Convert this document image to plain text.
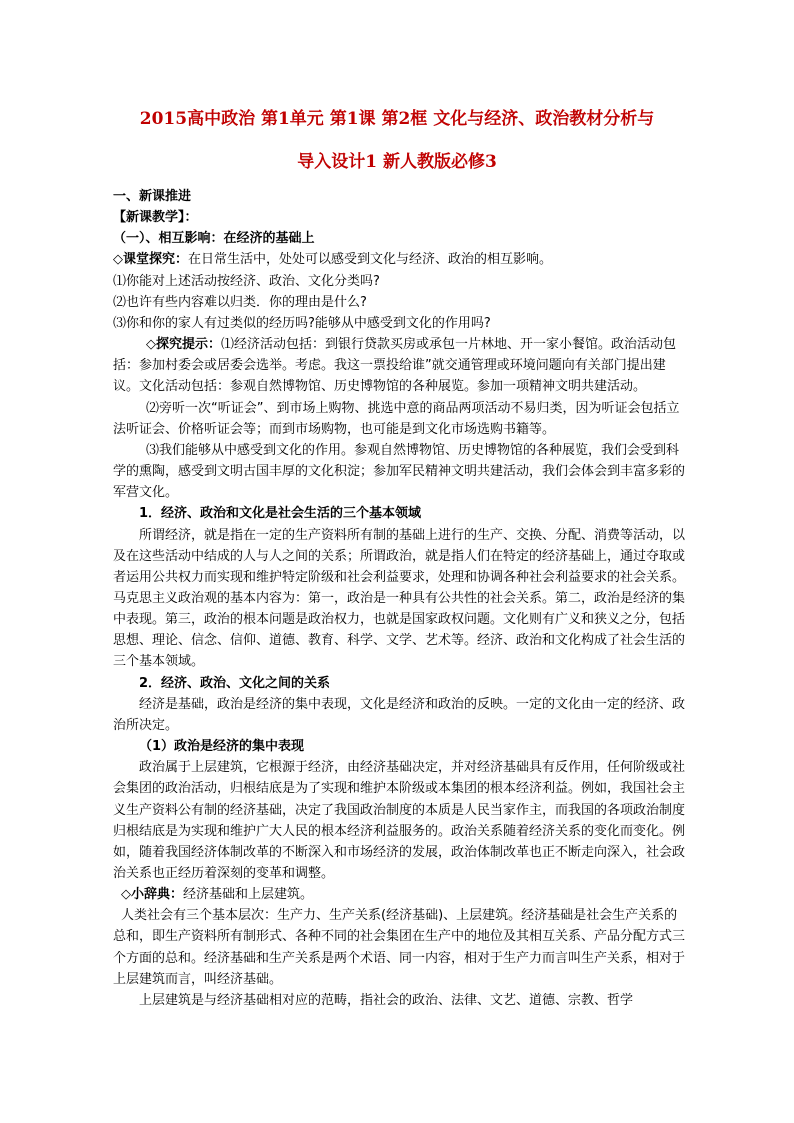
2015高中政治 第1单元 第1课 第2框 文化与经济、政治教材分析与
导入设计1 新人教版必修3

一、新课推进

【新课教学】：

（一）、相互影响：在经济的基础上

◇课堂探究：在日常生活中，处处可以感受到文化与经济、政治的相互影响。

⑴你能对上述活动按经济、政治、文化分类吗?

⑵也许有些内容难以归类．你的理由是什么?

⑶你和你的家人有过类似的经历吗?能够从中感受到文化的作用吗?

◇探究提示：⑴经济活动包括：到银行贷款买房或承包一片林地、开一家小餐馆。政治活动包括：参加村委会或居委会选举。考虑。我这一票投给谁”就交通管理或环境问题向有关部门提出建议。文化活动包括：参观自然博物馆、历史博物馆的各种展览。参加一项精神文明共建活动。

⑵旁听一次“听证会”、到市场上购物、挑选中意的商品两项活动不易归类，因为听证会包括立法听证会、价格听证会等；而到市场购物，也可能是到文化市场选购书籍等。

⑶我们能够从中感受到文化的作用。参观自然博物馆、历史博物馆的各种展览，我们会受到科学的熏陶，感受到文明古国丰厚的文化积淀；参加军民精神文明共建活动，我们会体会到丰富多彩的军营文化。

1．经济、政治和文化是社会生活的三个基本领域

所谓经济，就是指在一定的生产资料所有制的基础上进行的生产、交换、分配、消费等活动，以及在这些活动中结成的人与人之间的关系；所谓政治，就是指人们在特定的经济基础上，通过夺取或者运用公共权力而实现和维护特定阶级和社会利益要求，处理和协调各种社会利益要求的社会关系。马克思主义政治观的基本内容为：第一，政治是一种具有公共性的社会关系。第二，政治是经济的集中表现。第三，政治的根本问题是政治权力，也就是国家政权问题。文化则有广义和狭义之分，包括思想、理论、信念、信仰、道德、教育、科学、文学、艺术等。经济、政治和文化构成了社会生活的三个基本领域。

2．经济、政治、文化之间的关系

经济是基础，政治是经济的集中表现，文化是经济和政治的反映。一定的文化由一定的经济、政治所决定。

（1）政治是经济的集中表现

政治属于上层建筑，它根源于经济，由经济基础决定，并对经济基础具有反作用，任何阶级或社会集团的政治活动，归根结底是为了实现和维护本阶级或本集团的根本经济利益。例如，我国社会主义生产资料公有制的经济基础，决定了我国政治制度的本质是人民当家作主，而我国的各项政治制度归根结底是为实现和维护广大人民的根本经济利益服务的。政治关系随着经济关系的变化而变化。例如，随着我国经济体制改革的不断深入和市场经济的发展，政治体制改革也正不断走向深入，社会政治关系也正经历着深刻的变革和调整。

◇小辞典：经济基础和上层建筑。

人类社会有三个基本层次：生产力、生产关系(经济基础)、上层建筑。经济基础是社会生产关系的总和，即生产资料所有制形式、各种不同的社会集团在生产中的地位及其相互关系、产品分配方式三个方面的总和。经济基础和生产关系是两个术语、同一内容，相对于生产力而言叫生产关系，相对于上层建筑而言，叫经济基础。

上层建筑是与经济基础相对应的范畴，指社会的政治、法律、文艺、道德、宗教、哲学
